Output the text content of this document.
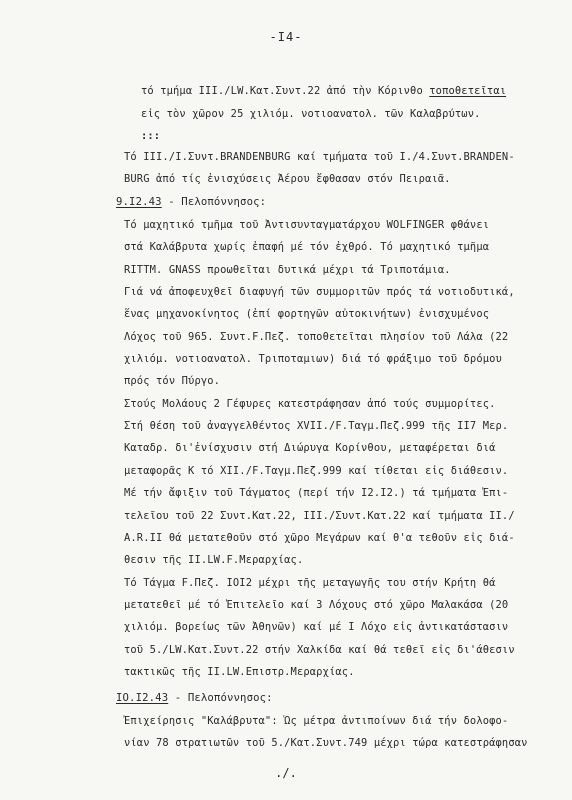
-I4-
τό τμήμα III./LW.Κατ.Συντ.22 ἀπό τὴν Κόρινθο τοποθετεῖται
εἰς τὸν χῶρον 25 χιλιόμ. νοτιοανατολ. τῶν Καλαβρύτων.
:::
Τό III./Ι.Συντ.BRANDENBURG καί τμήματα τοῦ Ι./4.Συντ.BRANDEN-
BURG ἀπό τίς ἐνισχύσεις Ἀέρου ἔφθασαν στόν Πειραιᾶ.
9.I2.43 - Πελοπόννησος:
Τό μαχητικό τμῆμα τοῦ Ἀντισυνταγματάρχου WOLFINGER φθάνει
στά Καλάβρυτα χωρίς ἐπαφή μέ τόν ἐχθρό. Τό μαχητικό τμῆμα
RITTM. GNASS προωθεῖται δυτικά μέχρι τά Τριποτάμια.
Γιά νά ἀποφευχθεῖ διαφυγή τῶν συμμοριτῶν πρός τά νοτιοδυτικά,
ἕνας μηχανοκίνητος (ἐπί φορτηγῶν αὐτοκινήτων) ἐνισχυμένος
Λόχος τοῦ 965. Συντ.F.Πεζ. τοποθετεῖται πλησίον τοῦ Λάλα (22
χιλιόμ. νοτιοανατολ. Τριποταμιων) διά τό φράξιμο τοῦ δρόμου
πρός τόν Πύργο.
Στούς Μολάους 2 Γέφυρες κατεστράφησαν ἀπό τούς συμμορίτες.
Στή θέση τοῦ ἀναγγελθέντος XVII./F.Ταγμ.Πεζ.999 τῆς II7 Μερ.
Καταδρ. δι'ἐνίσχυσιν στή Διώρυγα Κορίνθου, μεταφέρεται διά
μεταφορᾶς Κ τό XII./F.Ταγμ.Πεζ.999 καί τίθεται εἰς διάθεσιν.
Μέ τήν ἄφιξιν τοῦ Τάγματος (περί τήν I2.I2.) τά τμήματα Ἐπι-
τελεῖου τοῦ 22 Συντ.Κατ.22, III./Συντ.Κατ.22 καί τμήματα II./
A.R.II θά μετατεθοῦν στό χῶρο Μεγάρων καί θ'α τεθοῦν εἰς διά-
θεσιν τῆς II.LW.F.Μεραρχίας.
Τό Τάγμα F.Πεζ. IOI2 μέχρι τῆς μεταγωγῆς του στήν Κρήτη θά
μετατεθεῖ μέ τό Ἐπιτελεῖο καί 3 Λόχους στό χῶρο Μαλακάσα (20
χιλιόμ. βορείως τῶν Ἀθηνῶν) καί μέ Ι Λόχο εἰς ἀντικατάστασιν
τοῦ 5./LW.Κατ.Συντ.22 στήν Χαλκίδα καί θά τεθεῖ εἰς δι'άθεσιν
τακτικῶς τῆς II.LW.Επιστρ.Μεραρχίας.
IO.I2.43 - Πελοπόννησος:
Ἐπιχείρησις "Καλάβρυτα": Ὡς μέτρα ἀντιποίνων διά τήν δολοφο-
νίαν 78 στρατιωτῶν τοῦ 5./Κατ.Συντ.749 μέχρι τώρα κατεστράφησαν
./.
